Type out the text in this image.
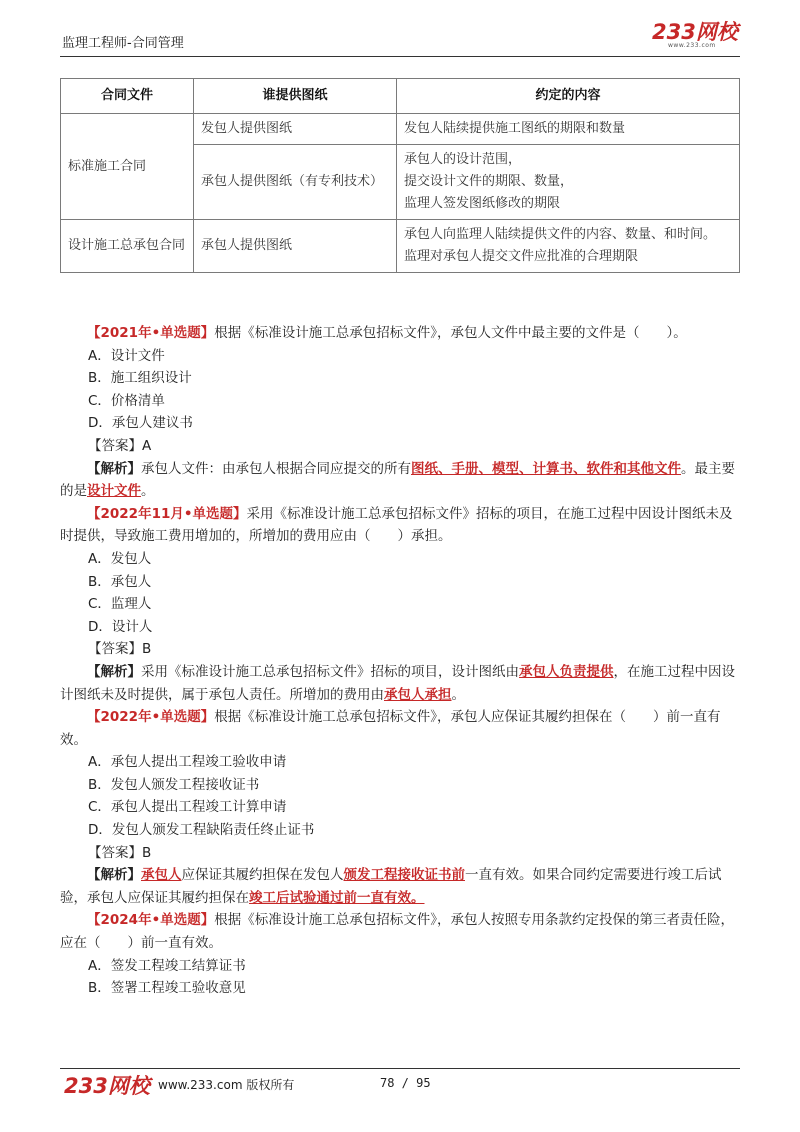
监理工程师-合同管理	233网校
www.233.com
合同文件	谁提供图纸	约定的内容
标准施工合同	发包人提供图纸	发包人陆续提供施工图纸的期限和数量
	承包人提供图纸（有专利技术）	承包人的设计范围，
提交设计文件的期限、数量，
监理人签发图纸修改的期限

设计施工总承包合同	承包人提供图纸	承包人向监理人陆续提供文件的内容、数量、和时间。
监理对承包人提交文件应批准的合理期限

【2021年•单选题】根据《标准设计施工总承包招标文件》，承包人文件中最主要的文件是（　　）。

A．设计文件

B．施工组织设计

C．价格清单

D．承包人建议书

【答案】A

【解析】承包人文件：由承包人根据合同应提交的所有图纸、手册、模型、计算书、软件和其他文件。最主要的是设计文件。

【2022年11月•单选题】采用《标准设计施工总承包招标文件》招标的项目，在施工过程中因设计图纸未及时提供，导致施工费用增加的，所增加的费用应由（　　）承担。

A．发包人

B．承包人

C．监理人

D．设计人

【答案】B

【解析】采用《标准设计施工总承包招标文件》招标的项目，设计图纸由承包人负责提供，在施工过程中因设计图纸未及时提供，属于承包人责任。所增加的费用由承包人承担。

【2022年•单选题】根据《标准设计施工总承包招标文件》，承包人应保证其履约担保在（　　）前一直有效。

A．承包人提出工程竣工验收申请

B．发包人颁发工程接收证书

C．承包人提出工程竣工计算申请

D．发包人颁发工程缺陷责任终止证书

【答案】B

【解析】承包人应保证其履约担保在发包人颁发工程接收证书前一直有效。如果合同约定需要进行竣工后试验，承包人应保证其履约担保在竣工后试验通过前一直有效。

【2024年•单选题】根据《标准设计施工总承包招标文件》，承包人按照专用条款约定投保的第三者责任险，应在（　　）前一直有效。

A．签发工程竣工结算证书

B．签署工程竣工验收意见

233网校 www.233.com 版权所有	78 / 95
